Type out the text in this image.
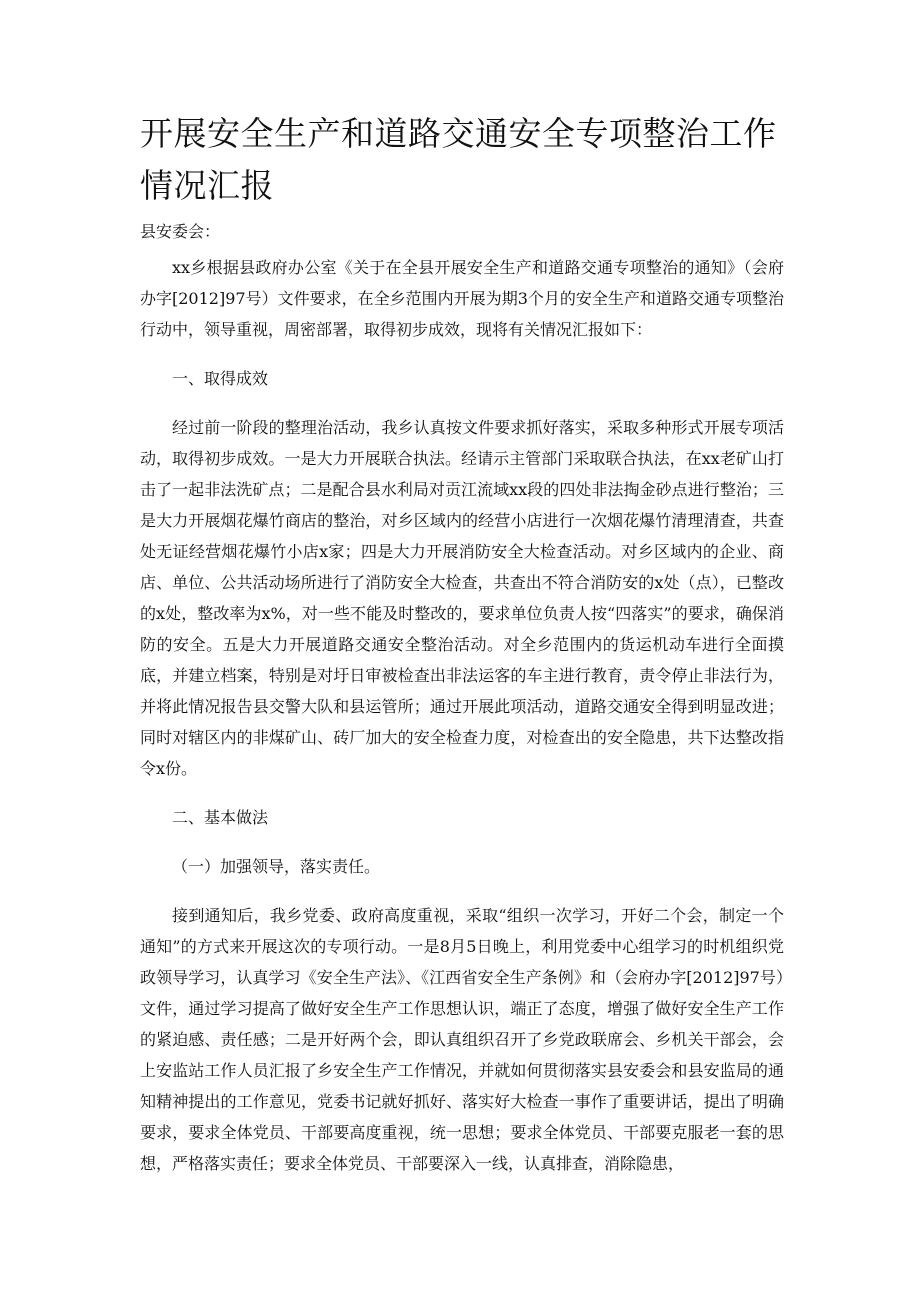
开展安全生产和道路交通安全专项整治工作情况汇报

县安委会：

xx乡根据县政府办公室《关于在全县开展安全生产和道路交通专项整治的通知》（会府办字[2012]97号）文件要求，在全乡范围内开展为期3个月的安全生产和道路交通专项整治行动中，领导重视，周密部署，取得初步成效，现将有关情况汇报如下：

一、取得成效

经过前一阶段的整理治活动，我乡认真按文件要求抓好落实，采取多种形式开展专项活动，取得初步成效。一是大力开展联合执法。经请示主管部门采取联合执法，在xx老矿山打击了一起非法洗矿点；二是配合县水利局对贡江流域xx段的四处非法掏金砂点进行整治；三是大力开展烟花爆竹商店的整治，对乡区域内的经营小店进行一次烟花爆竹清理清查，共查处无证经营烟花爆竹小店x家；四是大力开展消防安全大检查活动。对乡区域内的企业、商店、单位、公共活动场所进行了消防安全大检查，共查出不符合消防安的x处（点），已整改的x处，整改率为x%，对一些不能及时整改的，要求单位负责人按“四落实”的要求，确保消防的安全。五是大力开展道路交通安全整治活动。对全乡范围内的货运机动车进行全面摸底，并建立档案，特别是对圩日审被检查出非法运客的车主进行教育，责令停止非法行为，并将此情况报告县交警大队和县运管所；通过开展此项活动，道路交通安全得到明显改进；同时对辖区内的非煤矿山、砖厂加大的安全检查力度，对检查出的安全隐患，共下达整改指令x份。

二、基本做法

（一）加强领导，落实责任。

接到通知后，我乡党委、政府高度重视，采取“组织一次学习，开好二个会，制定一个通知”的方式来开展这次的专项行动。一是8月5日晚上，利用党委中心组学习的时机组织党政领导学习，认真学习《安全生产法》、《江西省安全生产条例》和（会府办字[2012]97号）文件，通过学习提高了做好安全生产工作思想认识，端正了态度，增强了做好安全生产工作的紧迫感、责任感；二是开好两个会，即认真组织召开了乡党政联席会、乡机关干部会，会上安监站工作人员汇报了乡安全生产工作情况，并就如何贯彻落实县安委会和县安监局的通知精神提出的工作意见，党委书记就好抓好、落实好大检查一事作了重要讲话，提出了明确要求，要求全体党员、干部要高度重视，统一思想；要求全体党员、干部要克服老一套的思想，严格落实责任；要求全体党员、干部要深入一线，认真排查，消除隐患，
